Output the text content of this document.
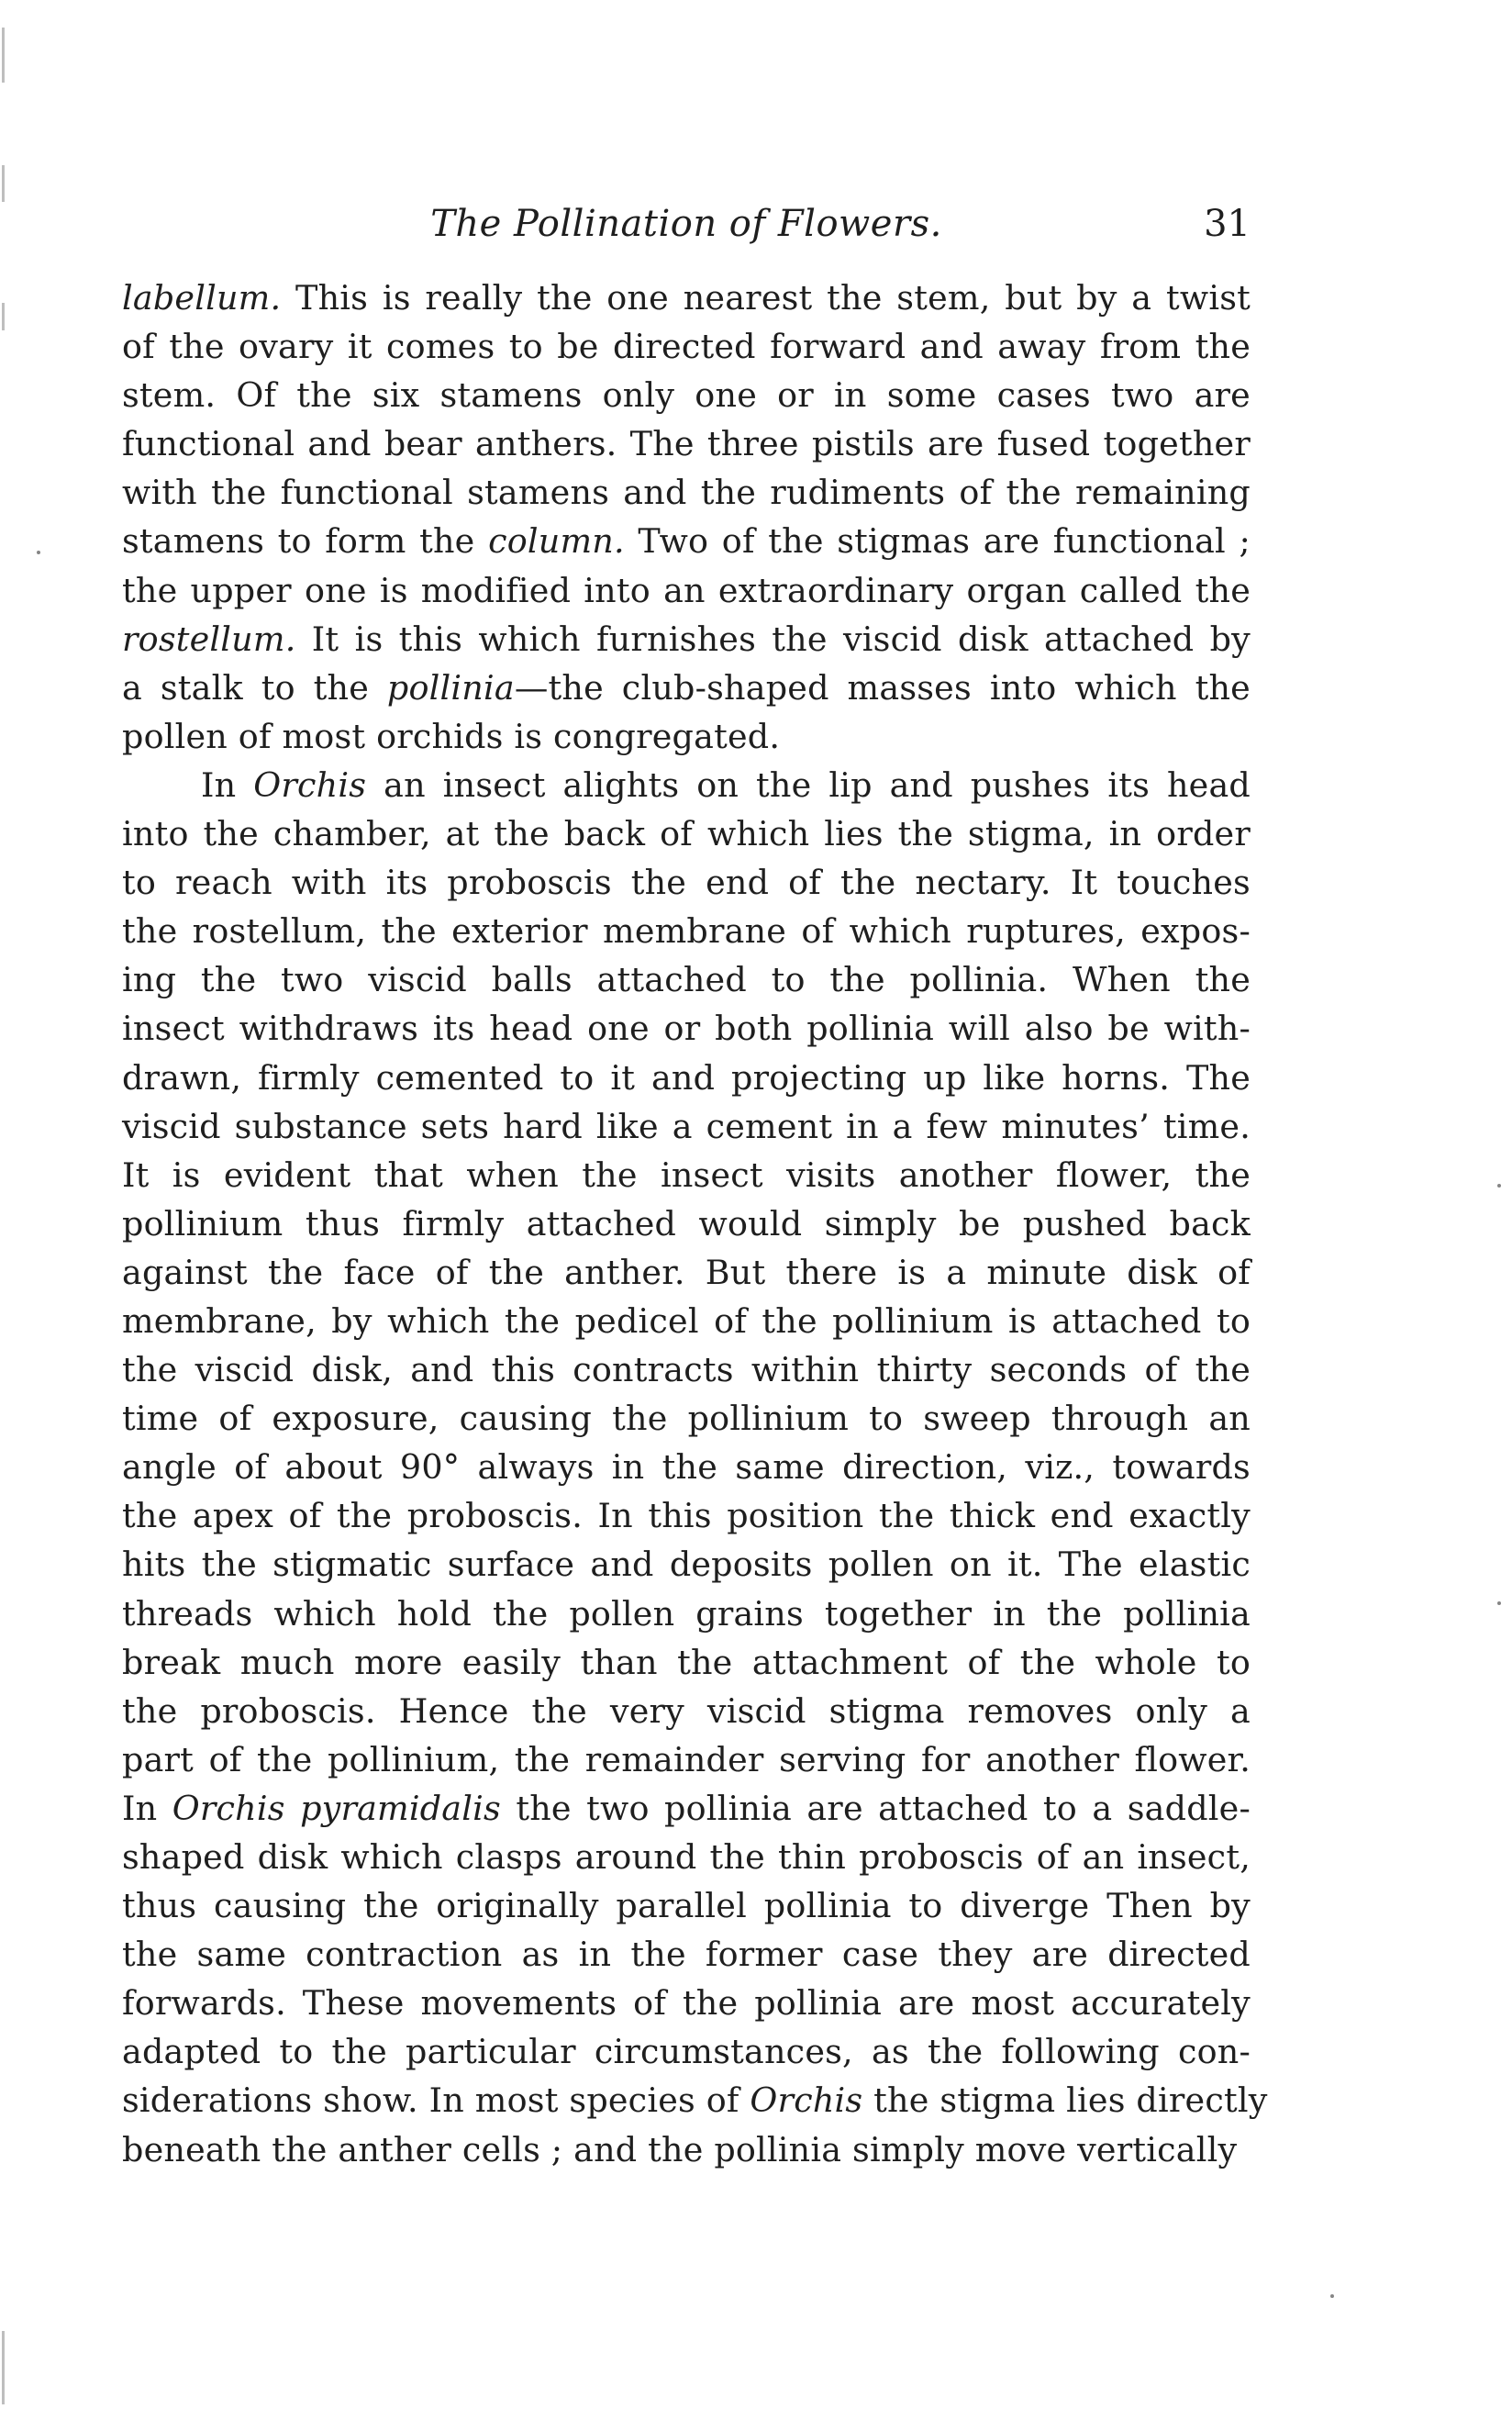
The Pollination of Flowers.	31
labellum. This is really the one nearest the stem, but by a twist
of the ovary it comes to be directed forward and away from the
stem. Of the six stamens only one or in some cases two are
functional and bear anthers. The three pistils are fused together
with the functional stamens and the rudiments of the remaining
stamens to form the column. Two of the stigmas are functional ;
the upper one is modified into an extraordinary organ called the
rostellum. It is this which furnishes the viscid disk attached by
a stalk to the pollinia—the club-shaped masses into which the
pollen of most orchids is congregated.
In Orchis an insect alights on the lip and pushes its head
into the chamber, at the back of which lies the stigma, in order
to reach with its proboscis the end of the nectary. It touches
the rostellum, the exterior membrane of which ruptures, expos-
ing the two viscid balls attached to the pollinia. When the
insect withdraws its head one or both pollinia will also be with-
drawn, firmly cemented to it and projecting up like horns. The
viscid substance sets hard like a cement in a few minutes’ time.
It is evident that when the insect visits another flower, the
pollinium thus firmly attached would simply be pushed back
against the face of the anther. But there is a minute disk of
membrane, by which the pedicel of the pollinium is attached to
the viscid disk, and this contracts within thirty seconds of the
time of exposure, causing the pollinium to sweep through an
angle of about 90° always in the same direction, viz., towards
the apex of the proboscis. In this position the thick end exactly
hits the stigmatic surface and deposits pollen on it. The elastic
threads which hold the pollen grains together in the pollinia
break much more easily than the attachment of the whole to
the proboscis. Hence the very viscid stigma removes only a
part of the pollinium, the remainder serving for another flower.
In Orchis pyramidalis the two pollinia are attached to a saddle-
shaped disk which clasps around the thin proboscis of an insect,
thus causing the originally parallel pollinia to diverge Then by
the same contraction as in the former case they are directed
forwards. These movements of the pollinia are most accurately
adapted to the particular circumstances, as the following con-
siderations show. In most species of Orchis the stigma lies directly
beneath the anther cells ; and the pollinia simply move vertically
